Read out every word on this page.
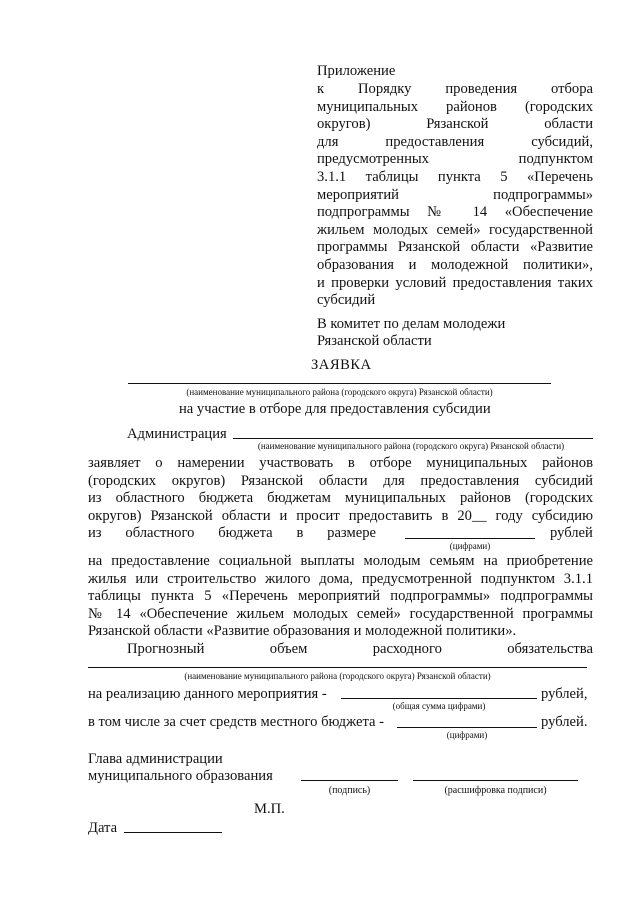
Приложение
к Порядку проведения отбора
муниципальных районов (городских
округов) Рязанской области
для предоставления субсидий,
предусмотренных подпунктом
3.1.1 таблицы пункта 5 «Перечень
мероприятий подпрограммы»
подпрограммы № 14 «Обеспечение
жильем молодых семей» государственной
программы Рязанской области «Развитие
образования и молодежной политики»,
и проверки условий предоставления таких
субсидий
В комитет по делам молодежи
Рязанской области
ЗАЯВКА
(наименование муниципального района (городского округа) Рязанской области)
на участие в отборе для предоставления субсидии
Администрация
(наименование муниципального района (городского округа) Рязанской области)
заявляет о намерении участвовать в отборе муниципальных районов
(городских округов) Рязанской области для предоставления субсидий
из областного бюджета бюджетам муниципальных районов (городских
округов) Рязанской области и просит предоставить в 20__ году субсидию
из областного бюджета в размере	рублей
(цифрами)
на предоставление социальной выплаты молодым семьям на приобретение
жилья или строительство жилого дома, предусмотренной подпунктом 3.1.1
таблицы пункта 5 «Перечень мероприятий подпрограммы» подпрограммы
№ 14 «Обеспечение жильем молодых семей» государственной программы
Рязанской области «Развитие образования и молодежной политики».
Прогнозный	объем	расходного	обязательства
(наименование муниципального района (городского округа) Рязанской области)
на реализацию данного мероприятия -	рублей,
(общая сумма цифрами)
в том числе за счет средств местного бюджета -	рублей.
(цифрами)
Глава администрации
муниципального образования
(подпись)	(расшифровка подписи)
М.П.
Дата
